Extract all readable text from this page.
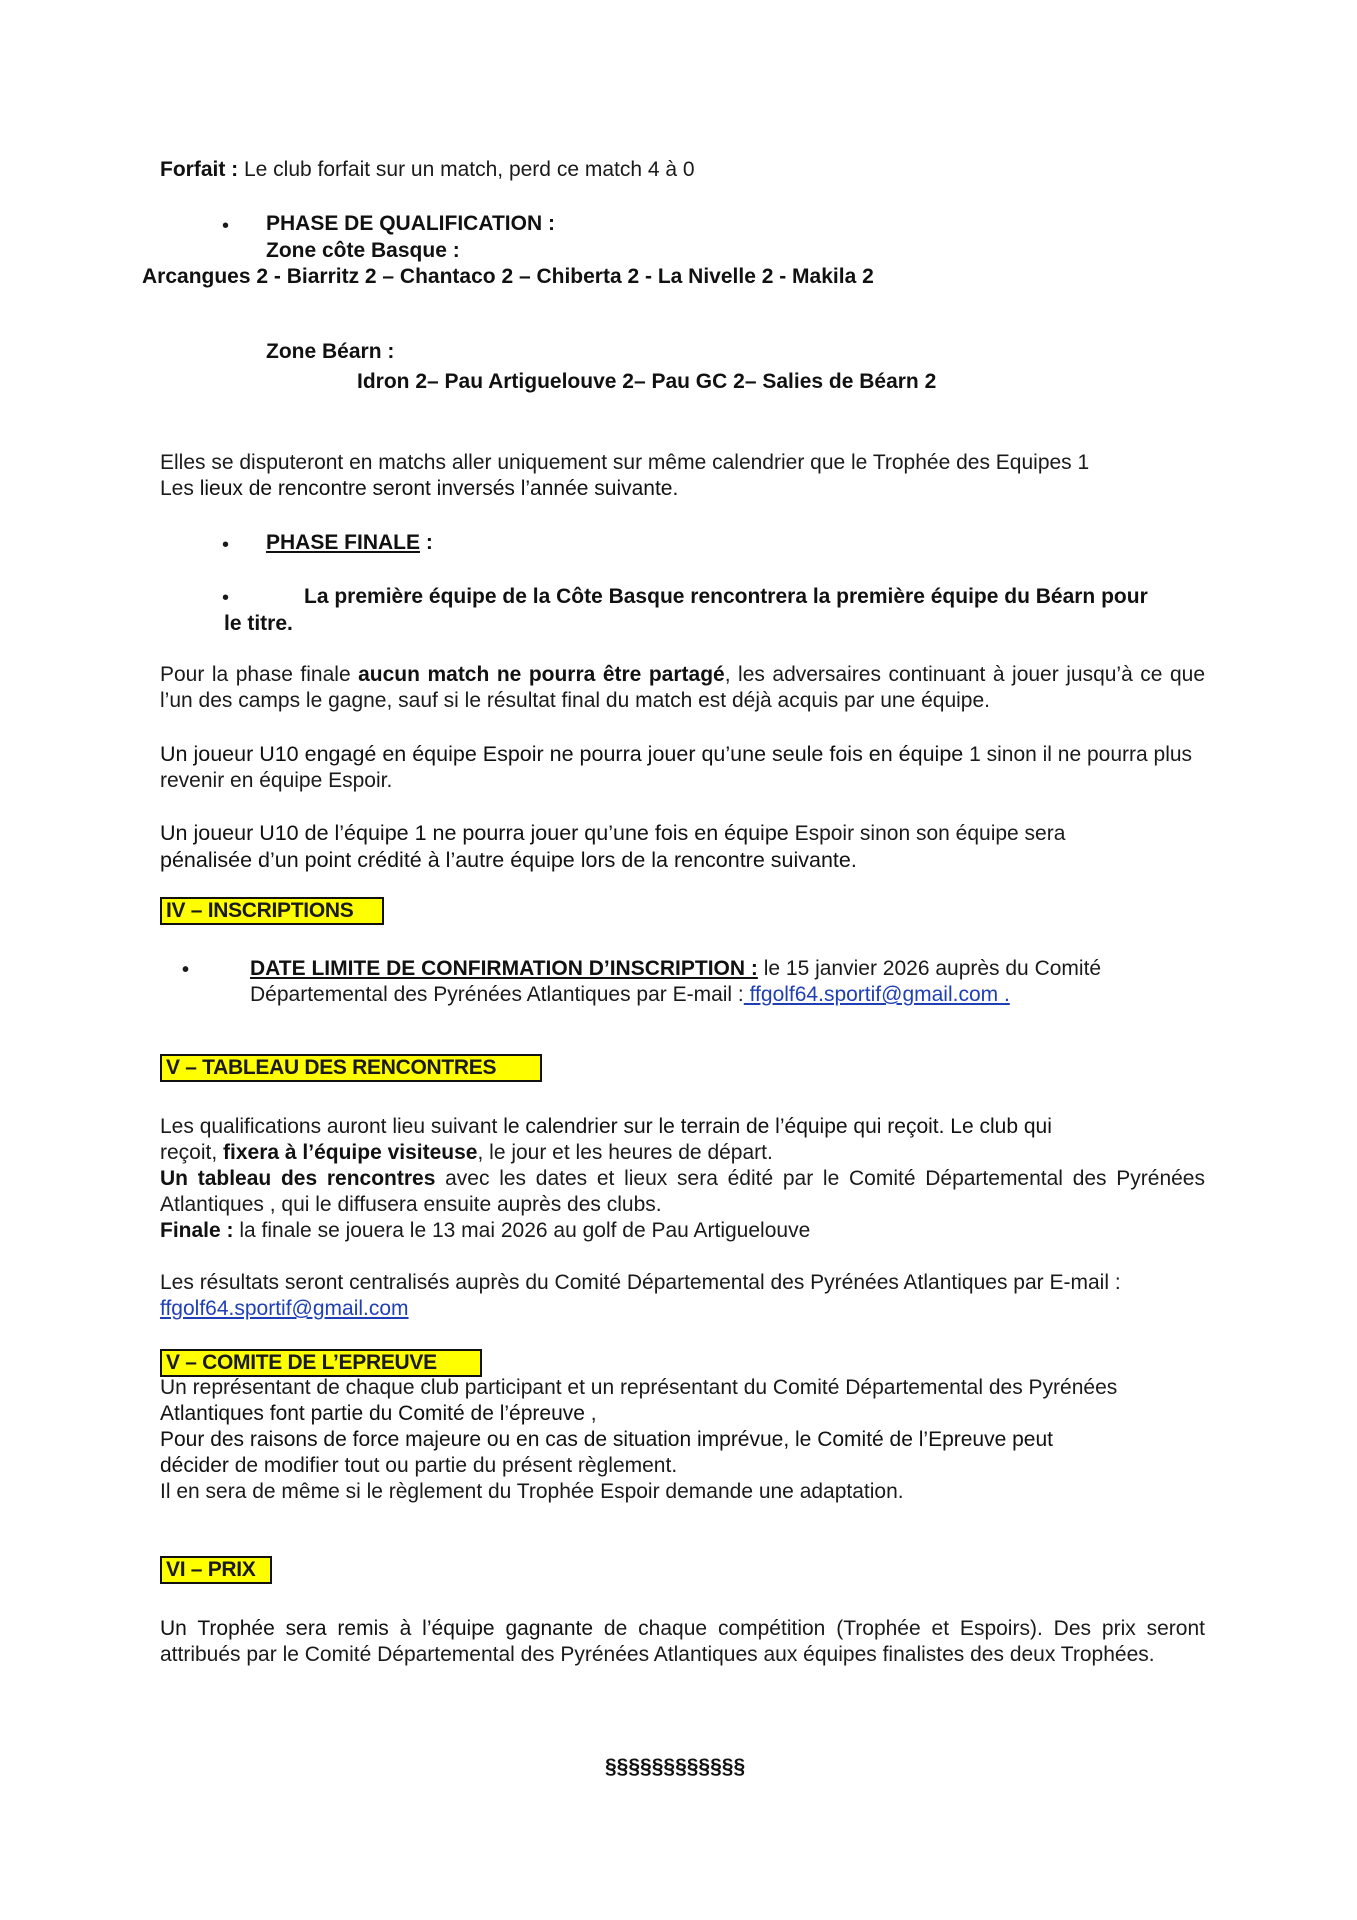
Forfait : Le club forfait sur un match, perd ce match 4 à 0

• PHASE DE QUALIFICATION :

Zone côte Basque :

Arcangues 2 - Biarritz 2 – Chantaco 2 – Chiberta 2 - La Nivelle 2 - Makila 2

Zone Béarn :

Idron 2– Pau Artiguelouve 2– Pau GC 2– Salies de Béarn 2

Elles se disputeront en matchs aller uniquement sur même calendrier que le Trophée des Equipes 1

Les lieux de rencontre seront inversés l’année suivante.

• PHASE FINALE :

•	La première équipe de la Côte Basque rencontrera la première équipe du Béarn pour

le titre.

Pour la phase finale aucun match ne pourra être partagé, les adversaires continuant à jouer jusqu’à ce que l’un des camps le gagne, sauf si le résultat final du match est déjà acquis par une équipe.

Un joueur U10 engagé en équipe Espoir ne pourra jouer qu’une seule fois en équipe 1 sinon il ne pourra plus revenir en équipe Espoir.

Un joueur U10 de l’équipe 1 ne pourra jouer qu’une fois en équipe Espoir sinon son équipe sera
pénalisée d’un point crédité à l’autre équipe lors de la rencontre suivante.

IV – INSCRIPTIONS
•	DATE LIMITE DE CONFIRMATION D’INSCRIPTION : le 15 janvier 2026 auprès du Comité

Départemental des Pyrénées Atlantiques par E-mail : ffgolf64.sportif@gmail.com .

V – TABLEAU DES RENCONTRES

Les qualifications auront lieu suivant le calendrier sur le terrain de l’équipe qui reçoit. Le club qui
reçoit, fixera à l’équipe visiteuse, le jour et les heures de départ.

Un tableau des rencontres avec les dates et lieux sera édité par le Comité Départemental des Pyrénées Atlantiques , qui le diffusera ensuite auprès des clubs.

Finale : la finale se jouera le 13 mai 2026 au golf de Pau Artiguelouve

Les résultats seront centralisés auprès du Comité Départemental des Pyrénées Atlantiques par E-mail :

ffgolf64.sportif@gmail.com

V – COMITE DE L’EPREUVE

Un représentant de chaque club participant et un représentant du Comité Départemental des Pyrénées

Atlantiques font partie du Comité de l’épreuve ,

Pour des raisons de force majeure ou en cas de situation imprévue, le Comité de l’Epreuve peut

décider de modifier tout ou partie du présent règlement.

Il en sera de même si le règlement du Trophée Espoir demande une adaptation.

VI – PRIX

Un Trophée sera remis à l’équipe gagnante de chaque compétition (Trophée et Espoirs). Des prix seront attribués par le Comité Départemental des Pyrénées Atlantiques aux équipes finalistes des deux Trophées.

§§§§§§§§§§§§
